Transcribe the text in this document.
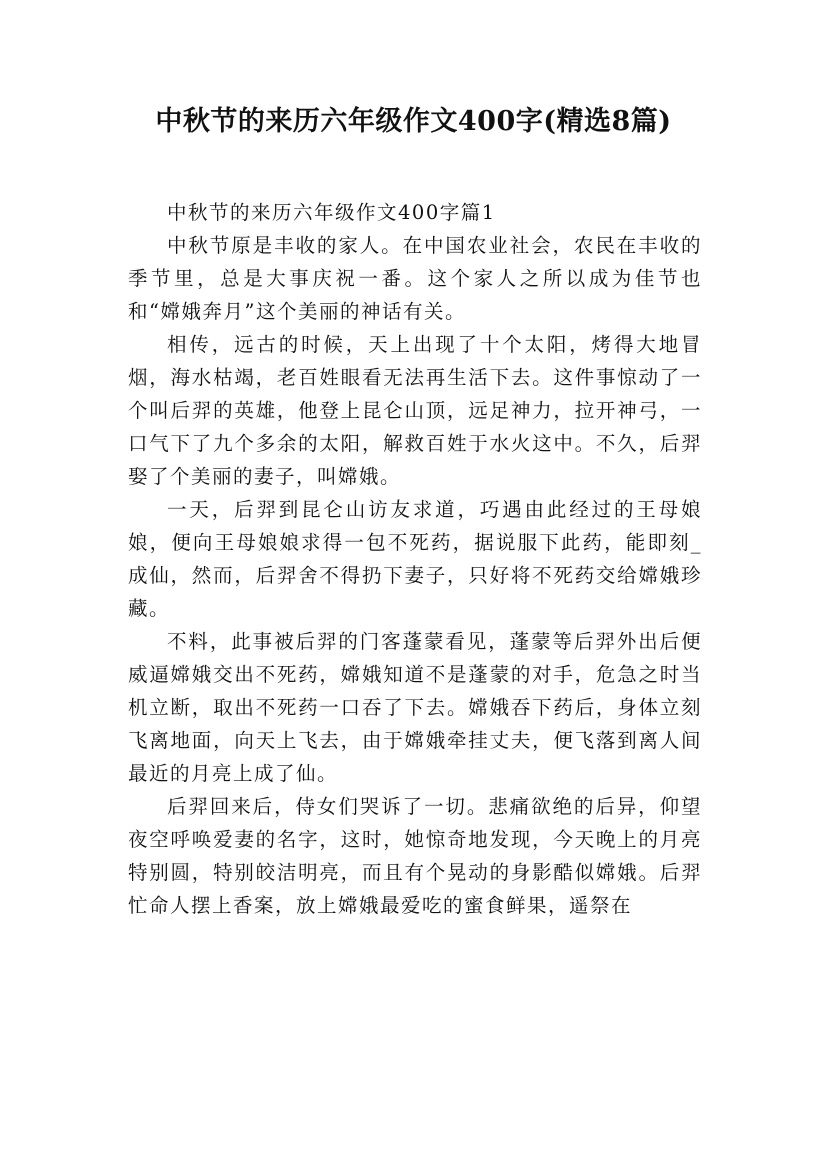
中秋节的来历六年级作文400字(精选8篇)

中秋节的来历六年级作文400字篇1

中秋节原是丰收的家人。在中国农业社会，农民在丰收的季节里，总是大事庆祝一番。这个家人之所以成为佳节也和“嫦娥奔月”这个美丽的神话有关。

相传，远古的时候，天上出现了十个太阳，烤得大地冒烟，海水枯竭，老百姓眼看无法再生活下去。这件事惊动了一个叫后羿的英雄，他登上昆仑山顶，远足神力，拉开神弓，一口气下了九个多余的太阳，解救百姓于水火这中。不久，后羿娶了个美丽的妻子，叫嫦娥。

一天，后羿到昆仑山访友求道，巧遇由此经过的王母娘娘，便向王母娘娘求得一包不死药，据说服下此药，能即刻_成仙，然而，后羿舍不得扔下妻子，只好将不死药交给嫦娥珍藏。

不料，此事被后羿的门客蓬蒙看见，蓬蒙等后羿外出后便威逼嫦娥交出不死药，嫦娥知道不是蓬蒙的对手，危急之时当机立断，取出不死药一口吞了下去。嫦娥吞下药后，身体立刻飞离地面，向天上飞去，由于嫦娥牵挂丈夫，便飞落到离人间最近的月亮上成了仙。

后羿回来后，侍女们哭诉了一切。悲痛欲绝的后异，仰望夜空呼唤爱妻的名字，这时，她惊奇地发现，今天晚上的月亮特别圆，特别皎洁明亮，而且有个晃动的身影酷似嫦娥。后羿忙命人摆上香案，放上嫦娥最爱吃的蜜食鲜果，遥祭在
